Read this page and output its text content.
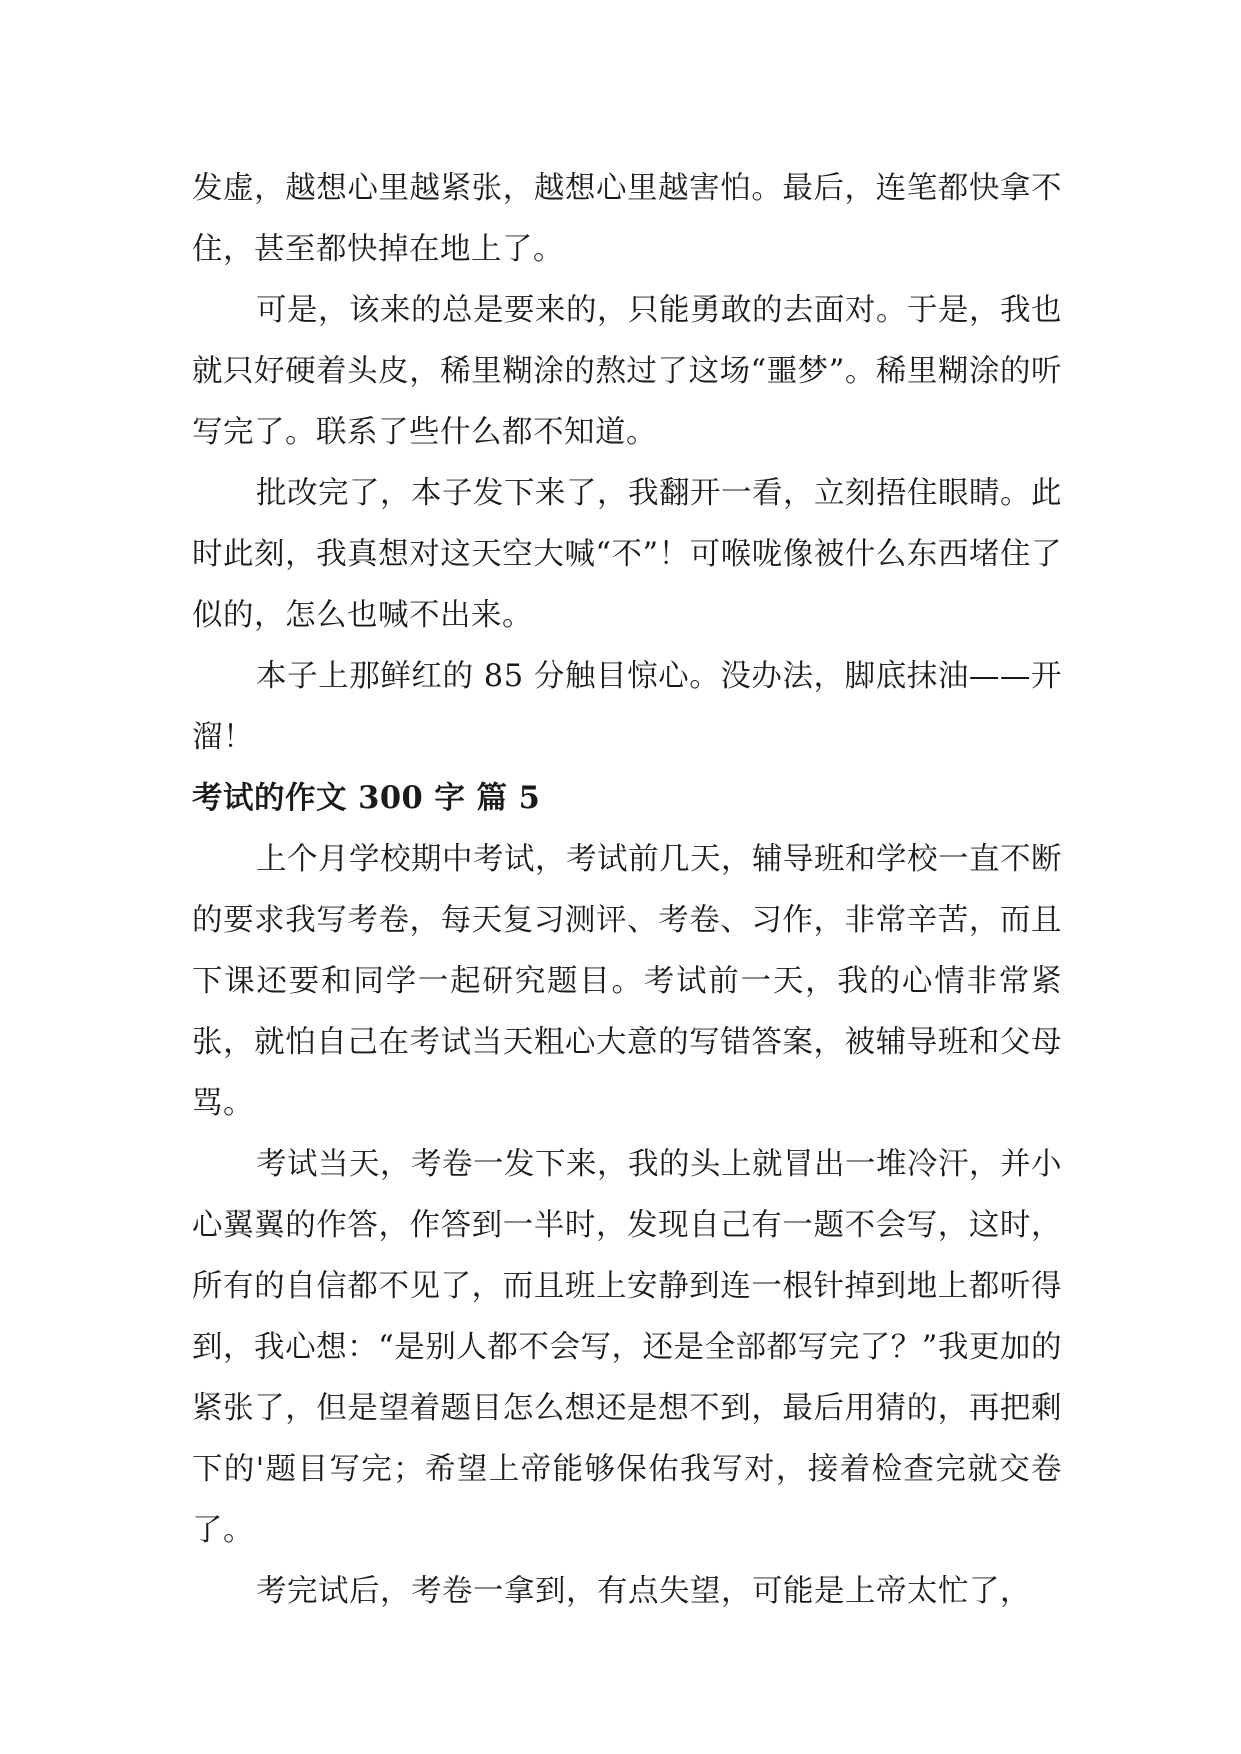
发虚，越想心里越紧张，越想心里越害怕。最后，连笔都快拿不住，甚至都快掉在地上了。

可是，该来的总是要来的，只能勇敢的去面对。于是，我也就只好硬着头皮，稀里糊涂的熬过了这场“噩梦”。稀里糊涂的听写完了。联系了些什么都不知道。

批改完了，本子发下来了，我翻开一看，立刻捂住眼睛。此时此刻，我真想对这天空大喊“不”！可喉咙像被什么东西堵住了似的，怎么也喊不出来。

本子上那鲜红的 85 分触目惊心。没办法，脚底抹油——开溜！

考试的作文 300 字 篇 5

上个月学校期中考试，考试前几天，辅导班和学校一直不断的要求我写考卷，每天复习测评、考卷、习作，非常辛苦，而且下课还要和同学一起研究题目。考试前一天，我的心情非常紧张，就怕自己在考试当天粗心大意的写错答案，被辅导班和父母骂。

考试当天，考卷一发下来，我的头上就冒出一堆冷汗，并小心翼翼的作答，作答到一半时，发现自己有一题不会写，这时，所有的自信都不见了，而且班上安静到连一根针掉到地上都听得到，我心想：“是别人都不会写，还是全部都写完了？”我更加的紧张了，但是望着题目怎么想还是想不到，最后用猜的，再把剩下的'题目写完；希望上帝能够保佑我写对，接着检查完就交卷了。

考完试后，考卷一拿到，有点失望，可能是上帝太忙了，
